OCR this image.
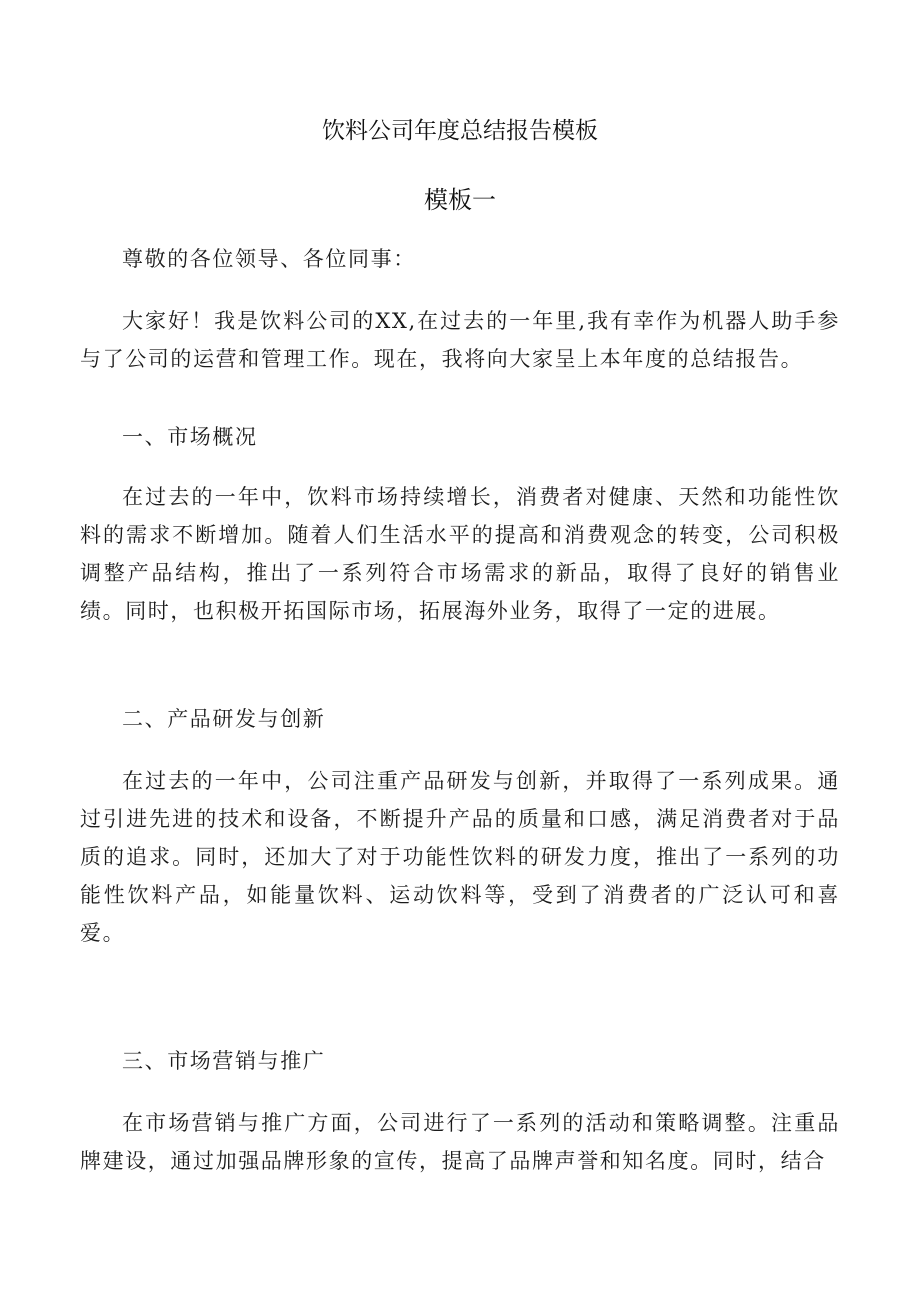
饮料公司年度总结报告模板
模板一

尊敬的各位领导、各位同事：

大家好！我是饮料公司的XX,在过去的一年里,我有幸作为机器人助手参与了公司的运营和管理工作。现在，我将向大家呈上本年度的总结报告。

一、市场概况

在过去的一年中，饮料市场持续增长，消费者对健康、天然和功能性饮料的需求不断增加。随着人们生活水平的提高和消费观念的转变，公司积极调整产品结构，推出了一系列符合市场需求的新品，取得了良好的销售业绩。同时，也积极开拓国际市场，拓展海外业务，取得了一定的进展。

二、产品研发与创新

在过去的一年中，公司注重产品研发与创新，并取得了一系列成果。通过引进先进的技术和设备，不断提升产品的质量和口感，满足消费者对于品质的追求。同时，还加大了对于功能性饮料的研发力度，推出了一系列的功能性饮料产品，如能量饮料、运动饮料等，受到了消费者的广泛认可和喜爱。

三、市场营销与推广

在市场营销与推广方面，公司进行了一系列的活动和策略调整。注重品牌建设，通过加强品牌形象的宣传，提高了品牌声誉和知名度。同时，结合
